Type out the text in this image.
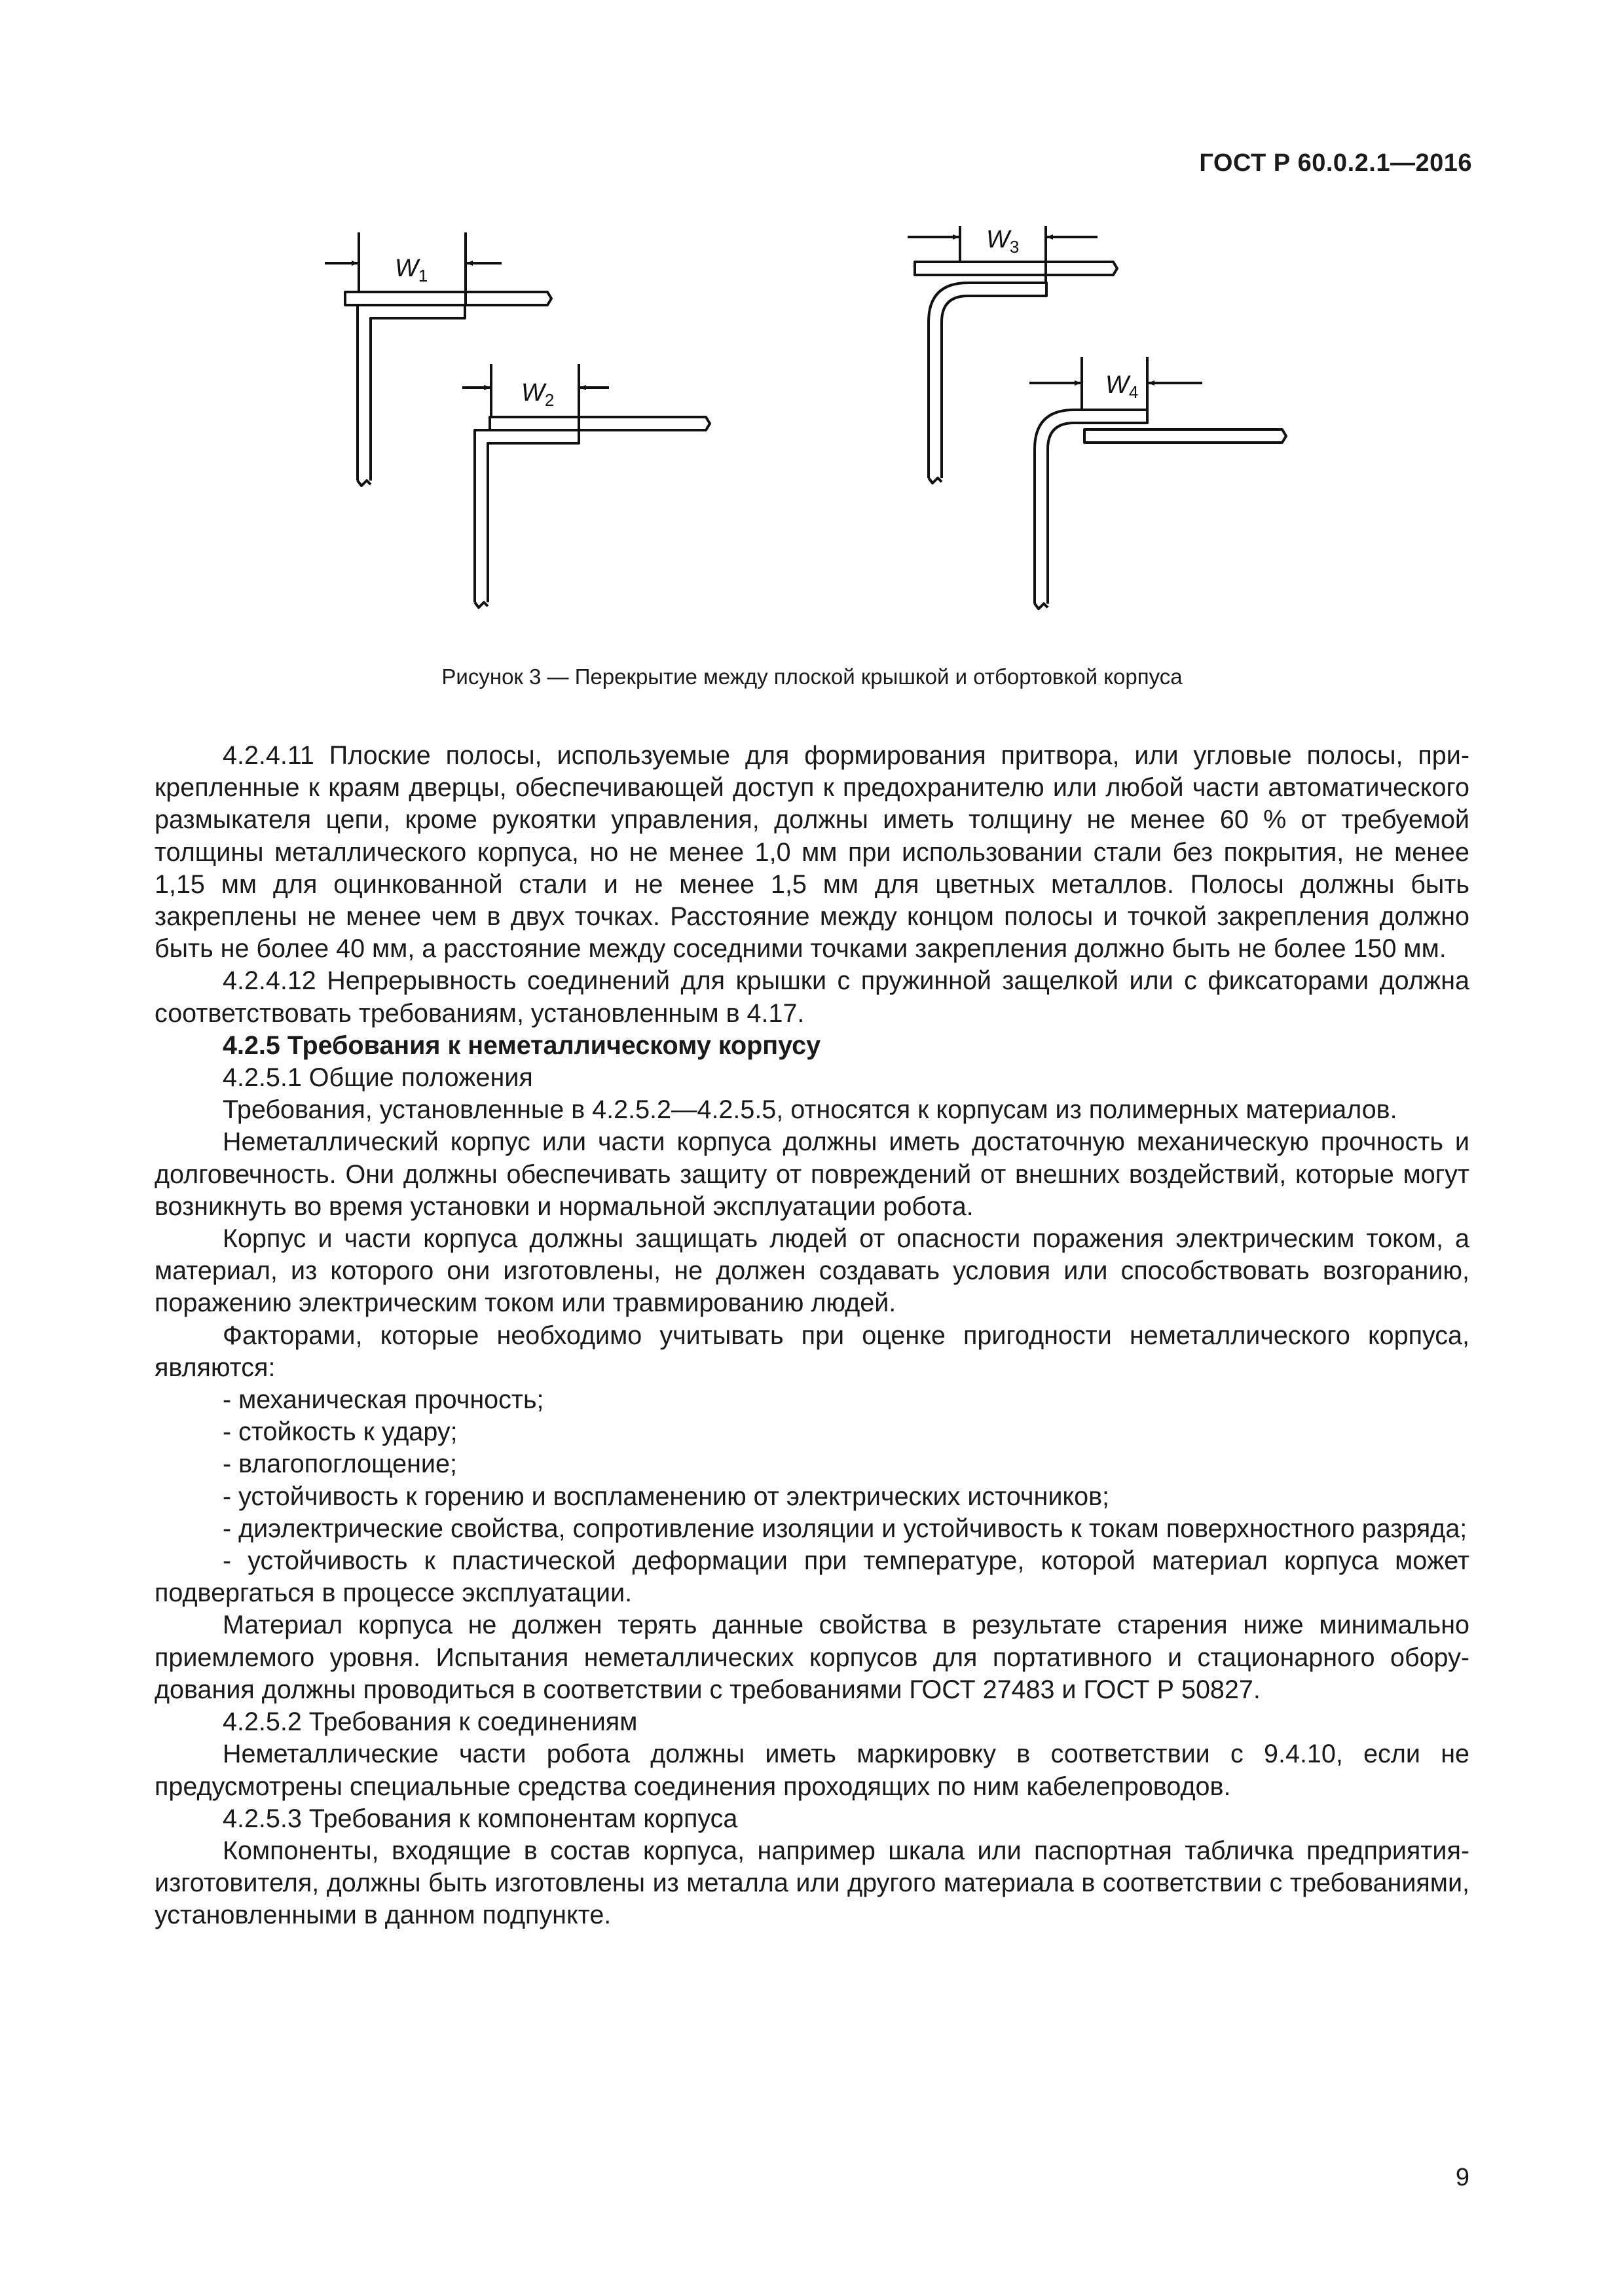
ГОСТ Р 60.0.2.1—2016
$W_1$
$W_2$
$W_3$
$W_4$
Рисунок 3 — Перекрытие между плоской крышкой и отбортовкой корпуса

4.2.4.11 Плоские полосы, используемые для формирования притвора, или угловые полосы, прикрепленные к краям дверцы, обеспечивающей доступ к предохранителю или любой части автоматического размыкателя цепи, кроме рукоятки управления, должны иметь толщину не менее 60 % от требуемой толщины металлического корпуса, но не менее 1,0 мм при использовании стали без покрытия, не менее 1,15 мм для оцинкованной стали и не менее 1,5 мм для цветных металлов. Полосы должны быть закреплены не менее чем в двух точках. Расстояние между концом полосы и точкой закрепления должно быть не более 40 мм, а расстояние между соседними точками закрепления должно быть не более 150 мм.

4.2.4.12 Непрерывность соединений для крышки с пружинной защелкой или с фиксаторами должна соответствовать требованиям, установленным в 4.17.

4.2.5 Требования к неметаллическому корпусу

4.2.5.1 Общие положения

Требования, установленные в 4.2.5.2—4.2.5.5, относятся к корпусам из полимерных материалов.

Неметаллический корпус или части корпуса должны иметь достаточную механическую прочность и долговечность. Они должны обеспечивать защиту от повреждений от внешних воздействий, которые могут возникнуть во время установки и нормальной эксплуатации робота.

Корпус и части корпуса должны защищать людей от опасности поражения электрическим током, а материал, из которого они изготовлены, не должен создавать условия или способствовать возгоранию, поражению электрическим током или травмированию людей.

Факторами, которые необходимо учитывать при оценке пригодности неметаллического корпуса, являются:

- механическая прочность;

- стойкость к удару;

- влагопоглощение;

- устойчивость к горению и воспламенению от электрических источников;

- диэлектрические свойства, сопротивление изоляции и устойчивость к токам поверхностного разряда;

- устойчивость к пластической деформации при температуре, которой материал корпуса может подвергаться в процессе эксплуатации.

Материал корпуса не должен терять данные свойства в результате старения ниже минимально приемлемого уровня. Испытания неметаллических корпусов для портативного и стационарного оборудования должны проводиться в соответствии с требованиями ГОСТ 27483 и ГОСТ Р 50827.

4.2.5.2 Требования к соединениям

Неметаллические части робота должны иметь маркировку в соответствии с 9.4.10, если не предусмотрены специальные средства соединения проходящих по ним кабелепроводов.

4.2.5.3 Требования к компонентам корпуса

Компоненты, входящие в состав корпуса, например шкала или паспортная табличка предприятия-изготовителя, должны быть изготовлены из металла или другого материала в соответствии с требованиями, установленными в данном подпункте.

9
